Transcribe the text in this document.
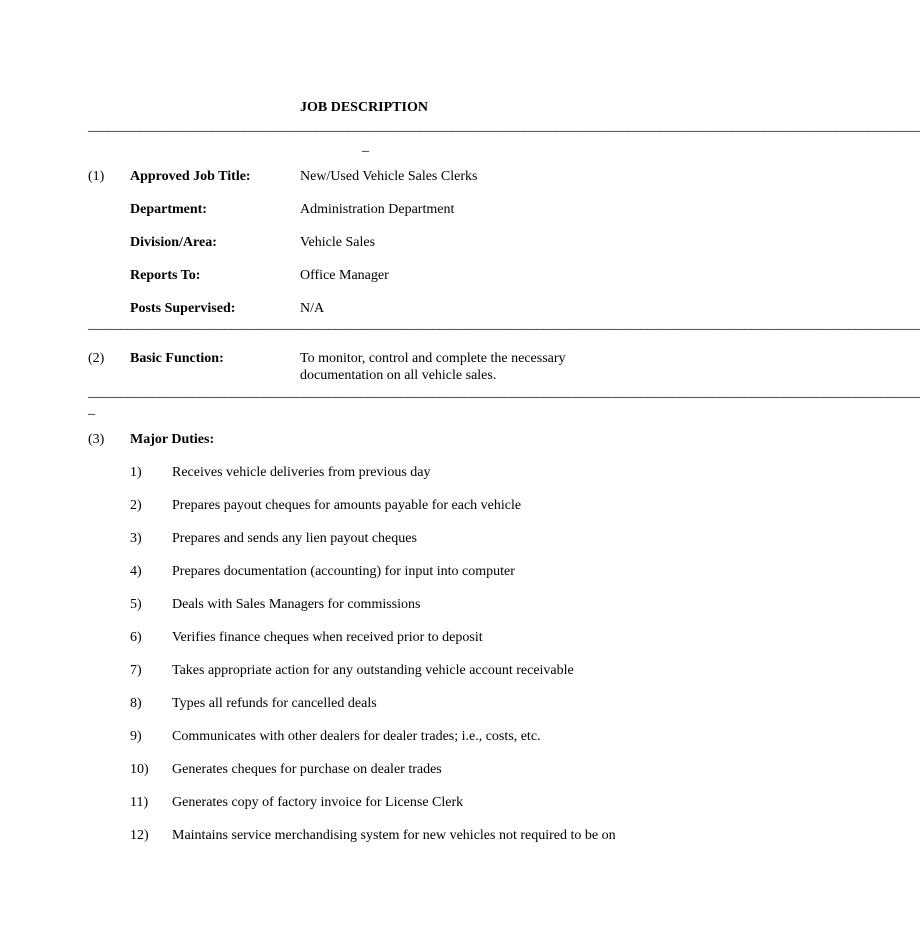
JOB DESCRIPTION
________________________________________________________________________________________________________________________________
_
(1) Approved Job Title:	New/Used Vehicle Sales Clerks
Department:	Administration Department
Division/Area:	Vehicle Sales
Reports To:	Office Manager
Posts Supervised:	N/A
________________________________________________________________________________________________________________________________
(2) Basic Function:	To monitor, control and complete the necessary
documentation on all vehicle sales.
________________________________________________________________________________________________________________________________
_
(3) Major Duties:
1) Receives vehicle deliveries from previous day
2) Prepares payout cheques for amounts payable for each vehicle
3) Prepares and sends any lien payout cheques
4) Prepares documentation (accounting) for input into computer
5) Deals with Sales Managers for commissions
6) Verifies finance cheques when received prior to deposit
7) Takes appropriate action for any outstanding vehicle account receivable
8) Types all refunds for cancelled deals
9) Communicates with other dealers for dealer trades; i.e., costs, etc.
10) Generates cheques for purchase on dealer trades
11) Generates copy of factory invoice for License Clerk
12) Maintains service merchandising system for new vehicles not required to be on
